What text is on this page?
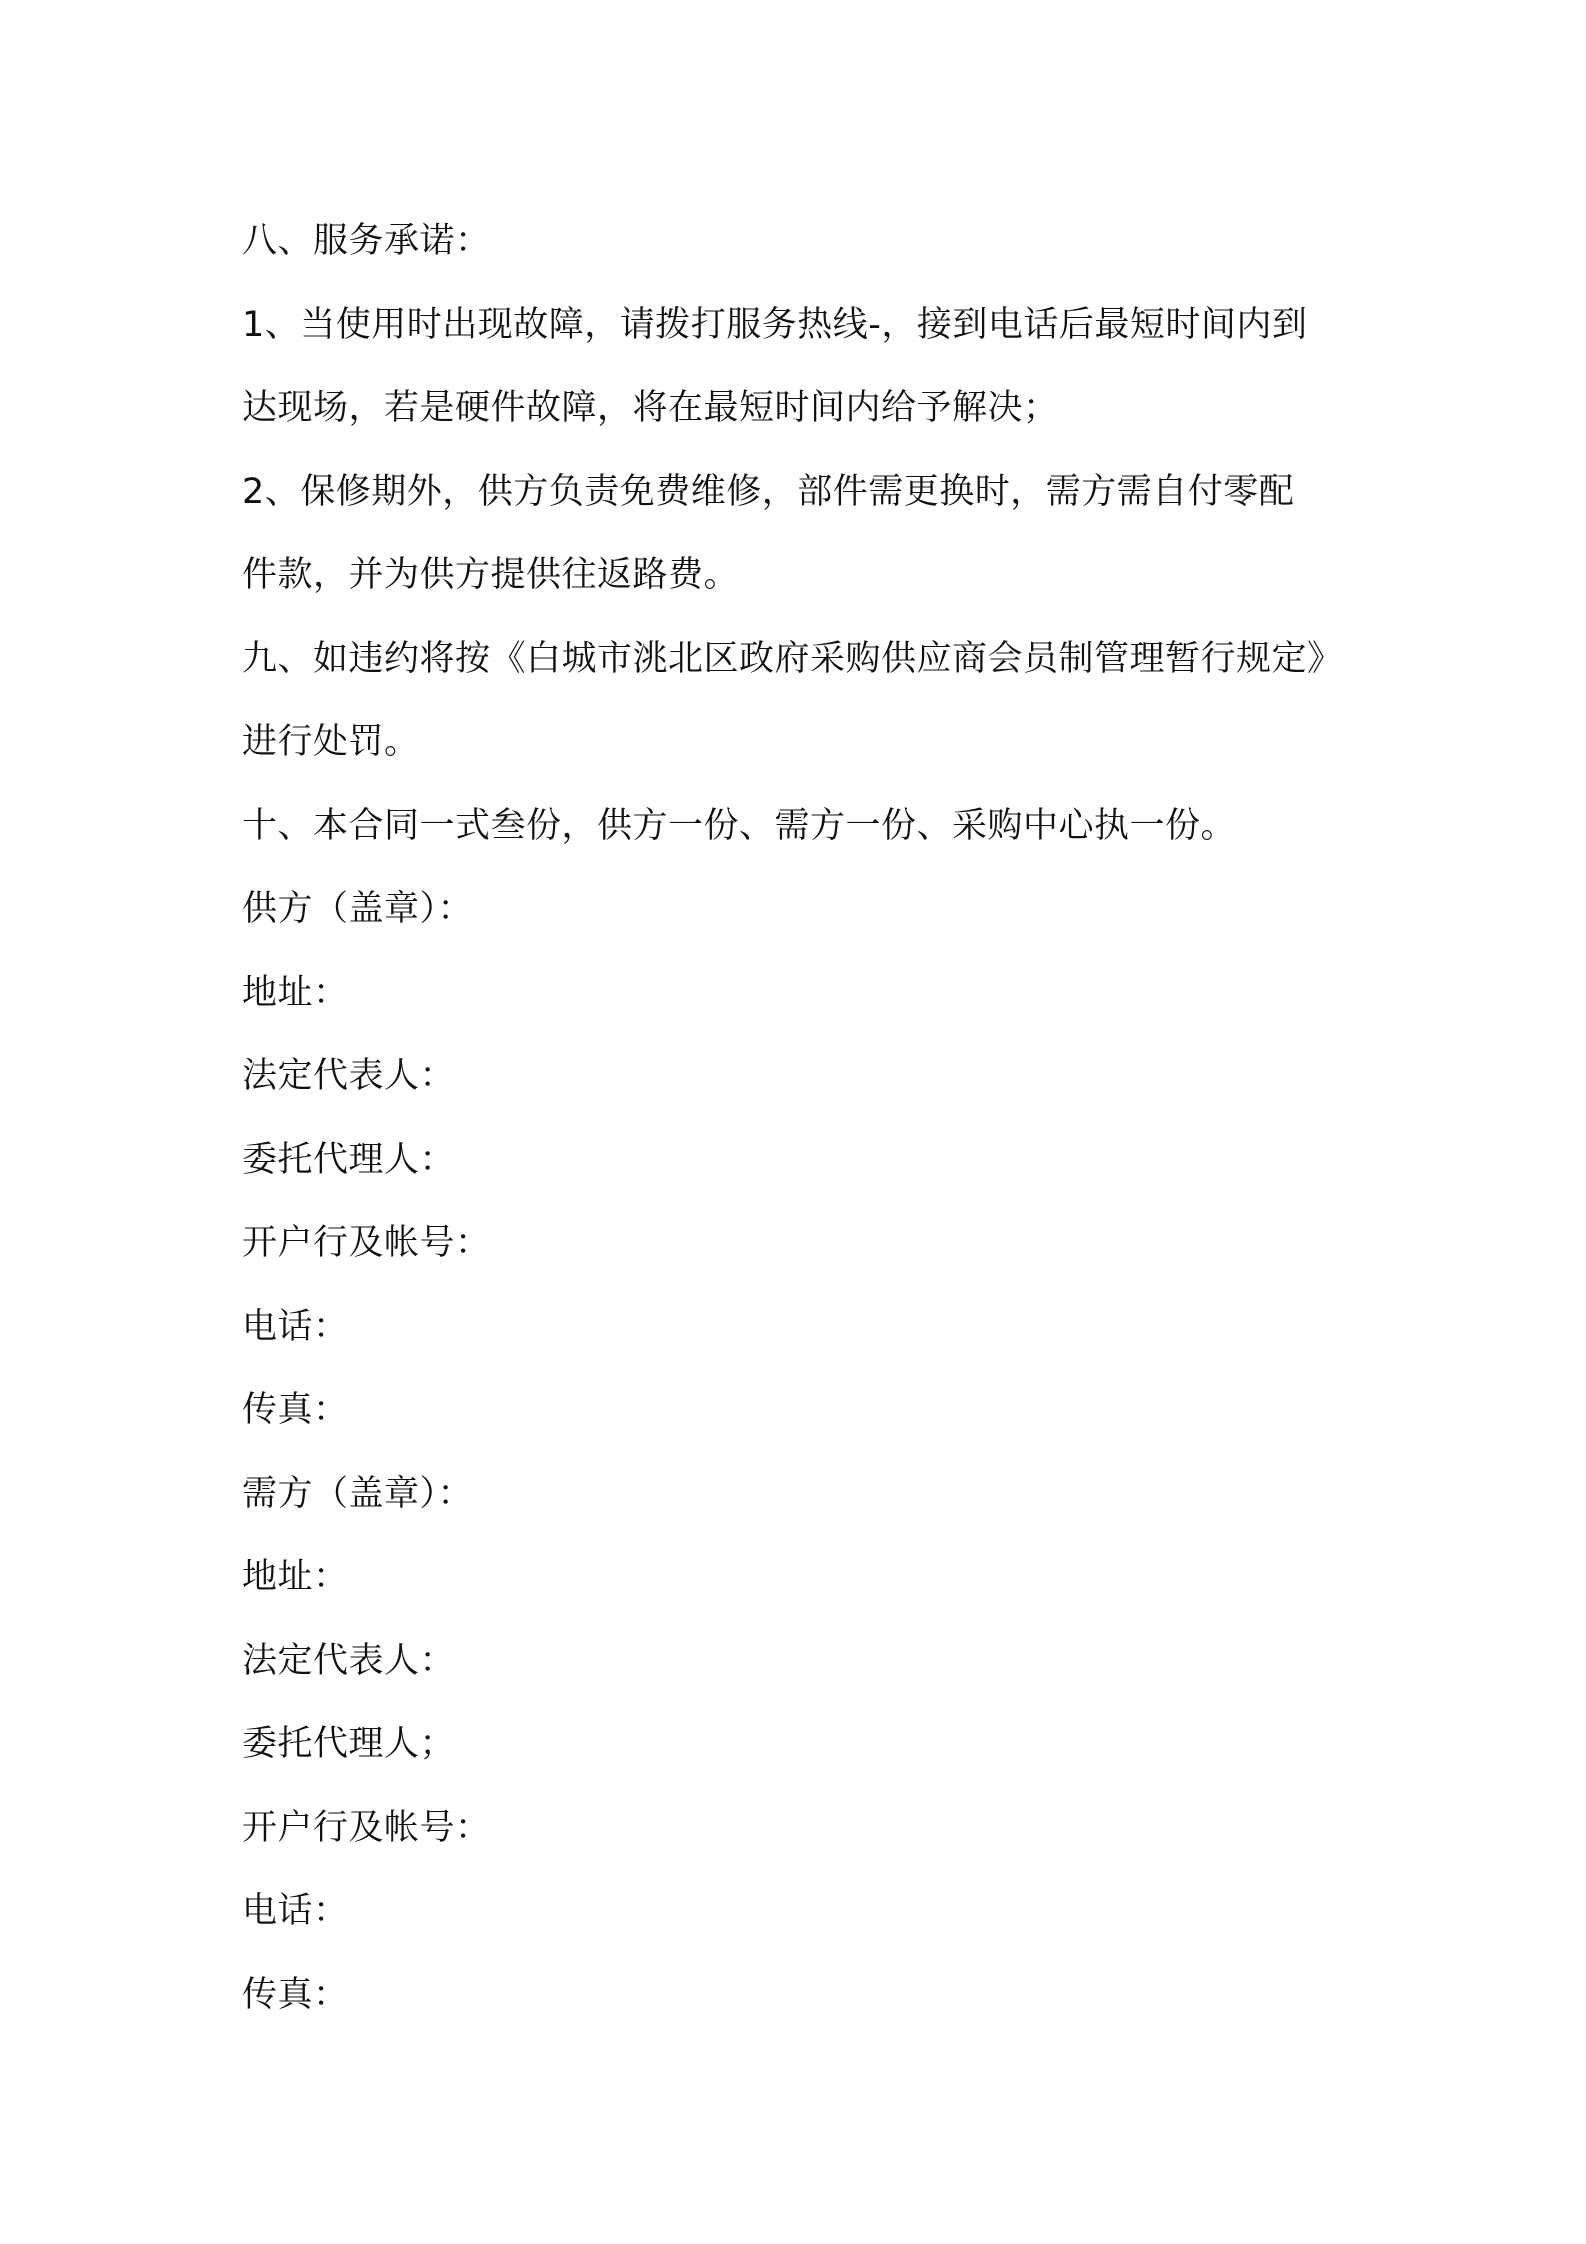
八、服务承诺：
1、当使用时出现故障，请拨打服务热线-，接到电话后最短时间内到
达现场，若是硬件故障，将在最短时间内给予解决；
2、保修期外，供方负责免费维修，部件需更换时，需方需自付零配
件款，并为供方提供往返路费。
九、如违约将按《白城市洮北区政府采购供应商会员制管理暂行规定》
进行处罚。
十、本合同一式叁份，供方一份、需方一份、采购中心执一份。
供方（盖章）：
地址：
法定代表人：
委托代理人：
开户行及帐号：
电话：
传真：
需方（盖章）：
地址：
法定代表人：
委托代理人；
开户行及帐号：
电话：
传真：
